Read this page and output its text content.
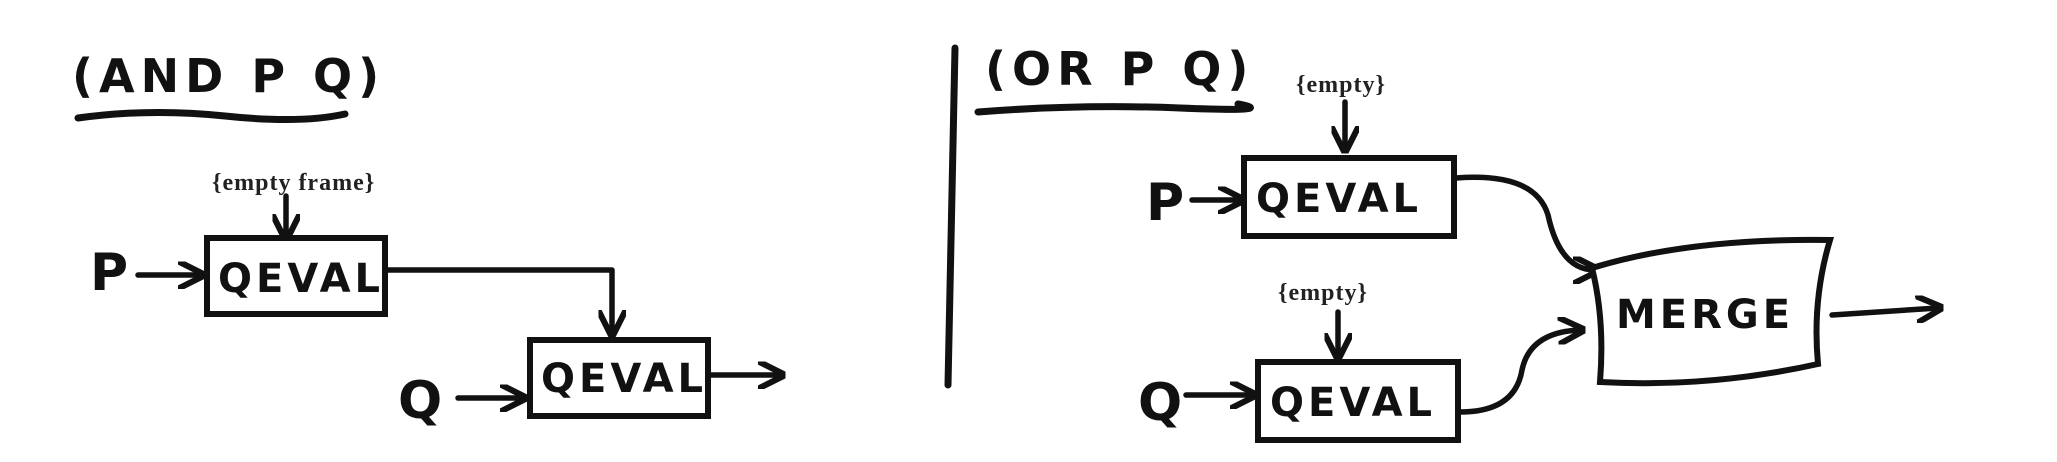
(AND P Q)
{empty frame}
P QEVAL
Q QEVAL
(OR P Q) {empty}
P QEVAL
{empty}
Q QEVAL
MERGE
